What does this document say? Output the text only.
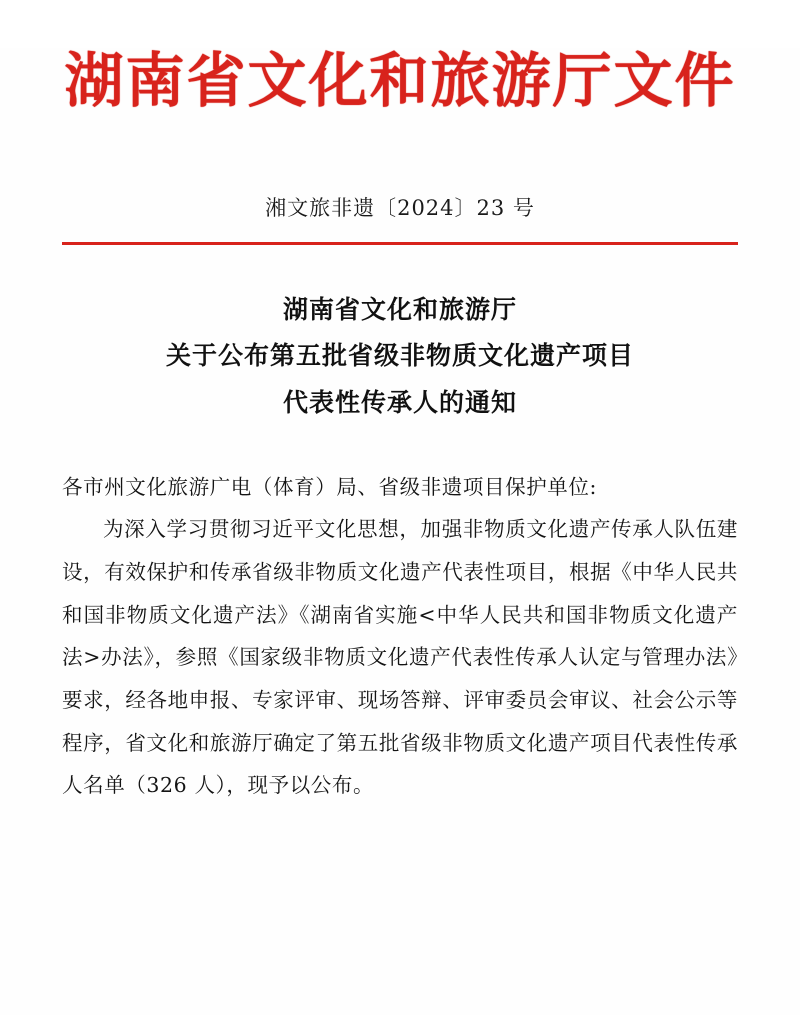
湖南省文化和旅游厅文件
湘文旅非遗〔2024〕23 号
湖南省文化和旅游厅
关于公布第五批省级非物质文化遗产项目
代表性传承人的通知
各市州文化旅游广电（体育）局、省级非遗项目保护单位:
为深入学习贯彻习近平文化思想，加强非物质文化遗产传承人队伍建设，有效保护和传承省级非物质文化遗产代表性项目，根据《中华人民共和国非物质文化遗产法》《湖南省实施<中华人民共和国非物质文化遗产法>办法》，参照《国家级非物质文化遗产代表性传承人认定与管理办法》要求，经各地申报、专家评审、现场答辩、评审委员会审议、社会公示等程序，省文化和旅游厅确定了第五批省级非物质文化遗产项目代表性传承人名单（326 人），现予以公布。
